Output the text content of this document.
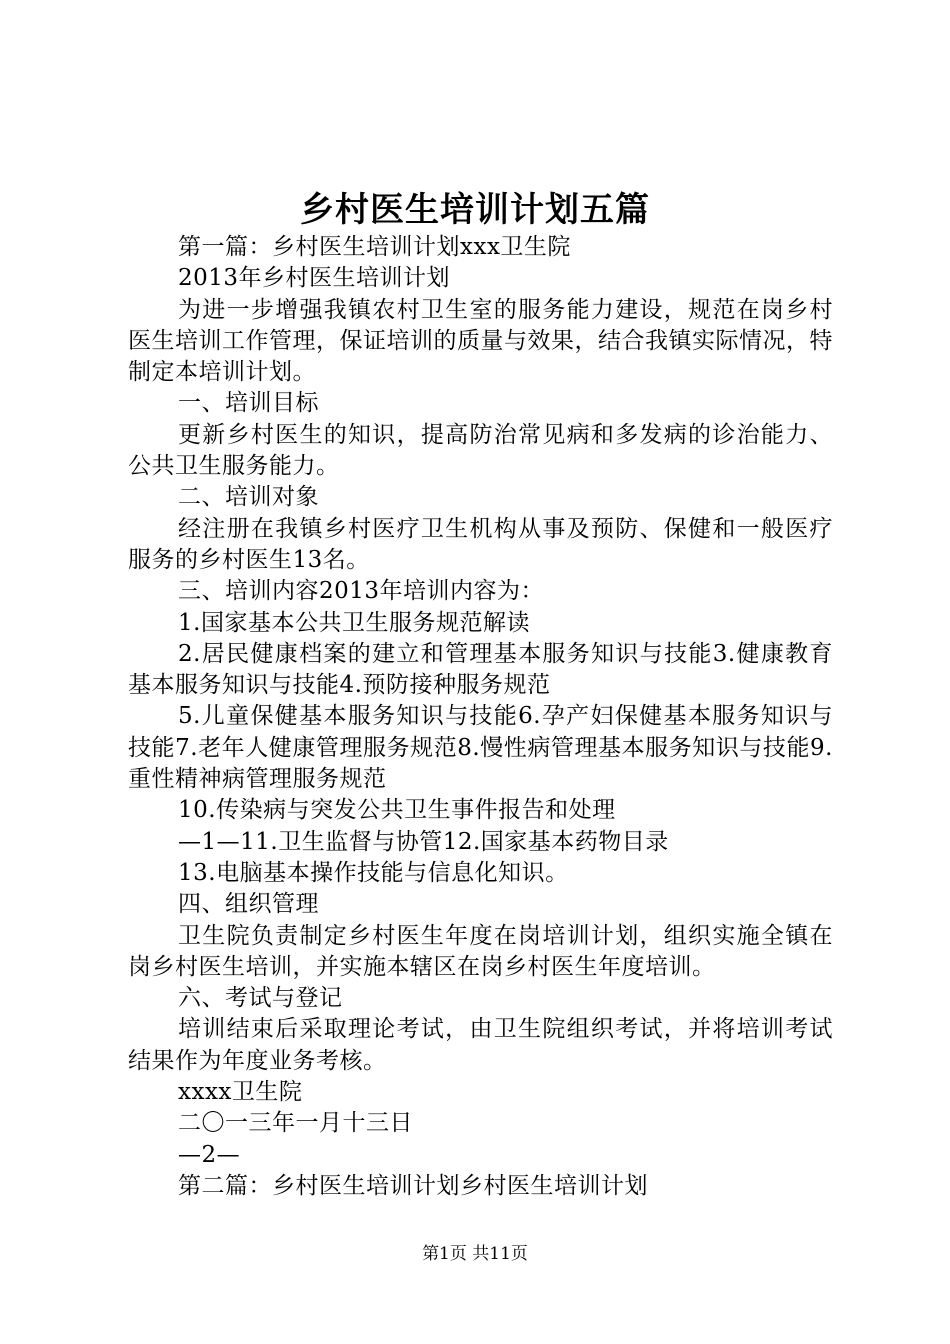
乡村医生培训计划五篇

第一篇：乡村医生培训计划xxx卫生院

2013年乡村医生培训计划

为进一步增强我镇农村卫生室的服务能力建设，规范在岗乡村医生培训工作管理，保证培训的质量与效果，结合我镇实际情况，特制定本培训计划。

一、培训目标

更新乡村医生的知识，提高防治常见病和多发病的诊治能力、公共卫生服务能力。

二、培训对象

经注册在我镇乡村医疗卫生机构从事及预防、保健和一般医疗服务的乡村医生13名。

三、培训内容2013年培训内容为：

1.国家基本公共卫生服务规范解读

2.居民健康档案的建立和管理基本服务知识与技能3.健康教育基本服务知识与技能4.预防接种服务规范

5.儿童保健基本服务知识与技能6.孕产妇保健基本服务知识与技能7.老年人健康管理服务规范8.慢性病管理基本服务知识与技能9.重性精神病管理服务规范

10.传染病与突发公共卫生事件报告和处理

—1—11.卫生监督与协管12.国家基本药物目录

13.电脑基本操作技能与信息化知识。

四、组织管理

卫生院负责制定乡村医生年度在岗培训计划，组织实施全镇在岗乡村医生培训，并实施本辖区在岗乡村医生年度培训。

六、考试与登记

培训结束后采取理论考试，由卫生院组织考试，并将培训考试结果作为年度业务考核。

xxxx卫生院

二〇一三年一月十三日

—2—

第二篇：乡村医生培训计划乡村医生培训计划

第1页 共11页
